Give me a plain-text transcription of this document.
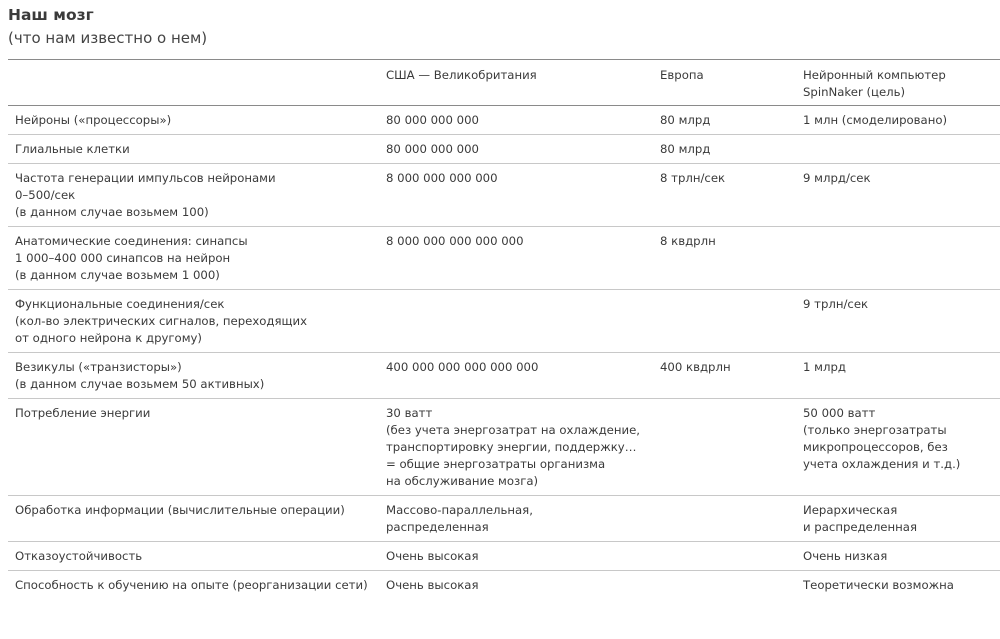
Наш мозг
(что нам известно о нем)
	США — Великобритания	Европа	Нейронный компьютер
SpinNaker (цель)
Нейроны («процессоры»)	80 000 000 000	80 млрд	1 млн (смоделировано)
Глиальные клетки	80 000 000 000	80 млрд	
Частота генерации импульсов нейронами
0–500/сек
(в данном случае возьмем 100)	8 000 000 000 000	8 трлн/сек	9 млрд/сек
Анатомические соединения: синапсы
1 000–400 000 синапсов на нейрон
(в данном случае возьмем 1 000)	8 000 000 000 000 000	8 квдрлн	
Функциональные соединения/сек
(кол-во электрических сигналов, переходящих
от одного нейрона к другому)			9 трлн/сек
Везикулы («транзисторы»)
(в данном случае возьмем 50 активных)	400 000 000 000 000 000	400 квдрлн	1 млрд
Потребление энергии	30 ватт
(без учета энергозатрат на охлаждение,
транспортировку энергии, поддержку…
= общие энергозатраты организма
на обслуживание мозга)		50 000 ватт
(только энергозатраты
микропроцессоров, без
учета охлаждения и т.д.)
Обработка информации (вычислительные операции)	Массово-параллельная,
распределенная		Иерархическая
и распределенная
Отказоустойчивость	Очень высокая		Очень низкая
Способность к обучению на опыте (реорганизации сети)	Очень высокая		Теоретически возможна
